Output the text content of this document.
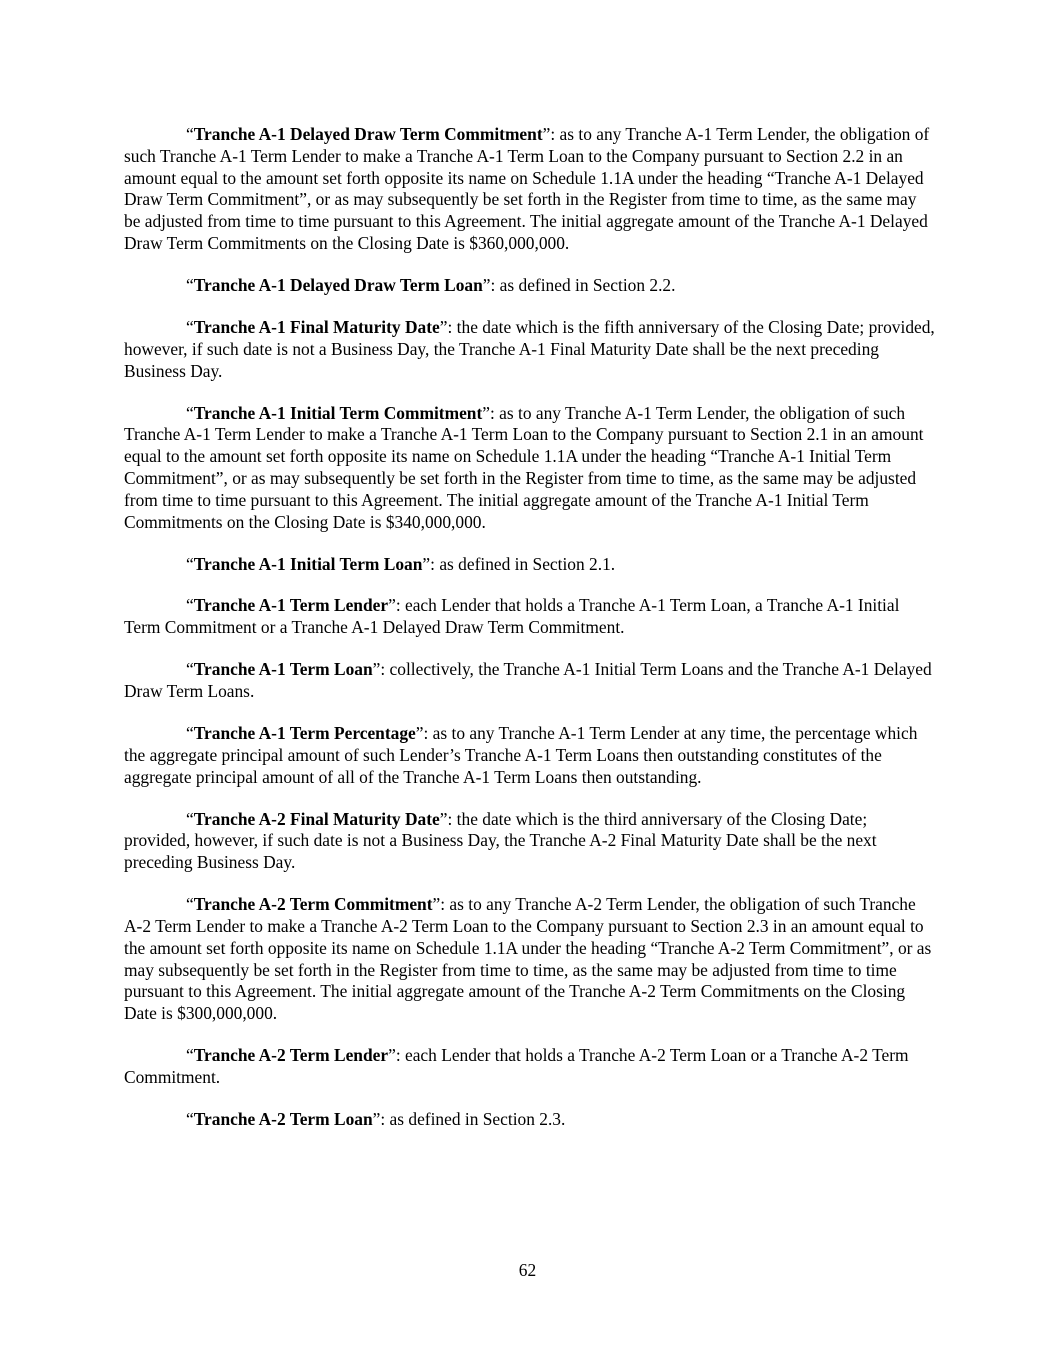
“Tranche A-1 Delayed Draw Term Commitment”: as to any Tranche A-1 Term Lender, the obligation of such Tranche A-1 Term Lender to make a Tranche A-1 Term Loan to the Company pursuant to Section 2.2 in an amount equal to the amount set forth opposite its name on Schedule 1.1A under the heading “Tranche A-1 Delayed Draw Term Commitment”, or as may subsequently be set forth in the Register from time to time, as the same may be adjusted from time to time pursuant to this Agreement. The initial aggregate amount of the Tranche A-1 Delayed Draw Term Commitments on the Closing Date is $360,000,000.

“Tranche A-1 Delayed Draw Term Loan”: as defined in Section 2.2.

“Tranche A-1 Final Maturity Date”: the date which is the fifth anniversary of the Closing Date; provided, however, if such date is not a Business Day, the Tranche A-1 Final Maturity Date shall be the next preceding Business Day.

“Tranche A-1 Initial Term Commitment”: as to any Tranche A-1 Term Lender, the obligation of such Tranche A-1 Term Lender to make a Tranche A-1 Term Loan to the Company pursuant to Section 2.1 in an amount equal to the amount set forth opposite its name on Schedule 1.1A under the heading “Tranche A-1 Initial Term Commitment”, or as may subsequently be set forth in the Register from time to time, as the same may be adjusted from time to time pursuant to this Agreement. The initial aggregate amount of the Tranche A-1 Initial Term Commitments on the Closing Date is $340,000,000.

“Tranche A-1 Initial Term Loan”: as defined in Section 2.1.

“Tranche A-1 Term Lender”: each Lender that holds a Tranche A-1 Term Loan, a Tranche A-1 Initial Term Commitment or a Tranche A-1 Delayed Draw Term Commitment.

“Tranche A-1 Term Loan”: collectively, the Tranche A-1 Initial Term Loans and the Tranche A-1 Delayed Draw Term Loans.

“Tranche A-1 Term Percentage”: as to any Tranche A-1 Term Lender at any time, the percentage which the aggregate principal amount of such Lender’s Tranche A-1 Term Loans then outstanding constitutes of the aggregate principal amount of all of the Tranche A-1 Term Loans then outstanding.

“Tranche A-2 Final Maturity Date”: the date which is the third anniversary of the Closing Date; provided, however, if such date is not a Business Day, the Tranche A-2 Final Maturity Date shall be the next preceding Business Day.

“Tranche A-2 Term Commitment”: as to any Tranche A-2 Term Lender, the obligation of such Tranche A-2 Term Lender to make a Tranche A-2 Term Loan to the Company pursuant to Section 2.3 in an amount equal to the amount set forth opposite its name on Schedule 1.1A under the heading “Tranche A-2 Term Commitment”, or as may subsequently be set forth in the Register from time to time, as the same may be adjusted from time to time pursuant to this Agreement. The initial aggregate amount of the Tranche A-2 Term Commitments on the Closing Date is $300,000,000.

“Tranche A-2 Term Lender”: each Lender that holds a Tranche A-2 Term Loan or a Tranche A-2 Term Commitment.

“Tranche A-2 Term Loan”: as defined in Section 2.3.

62
